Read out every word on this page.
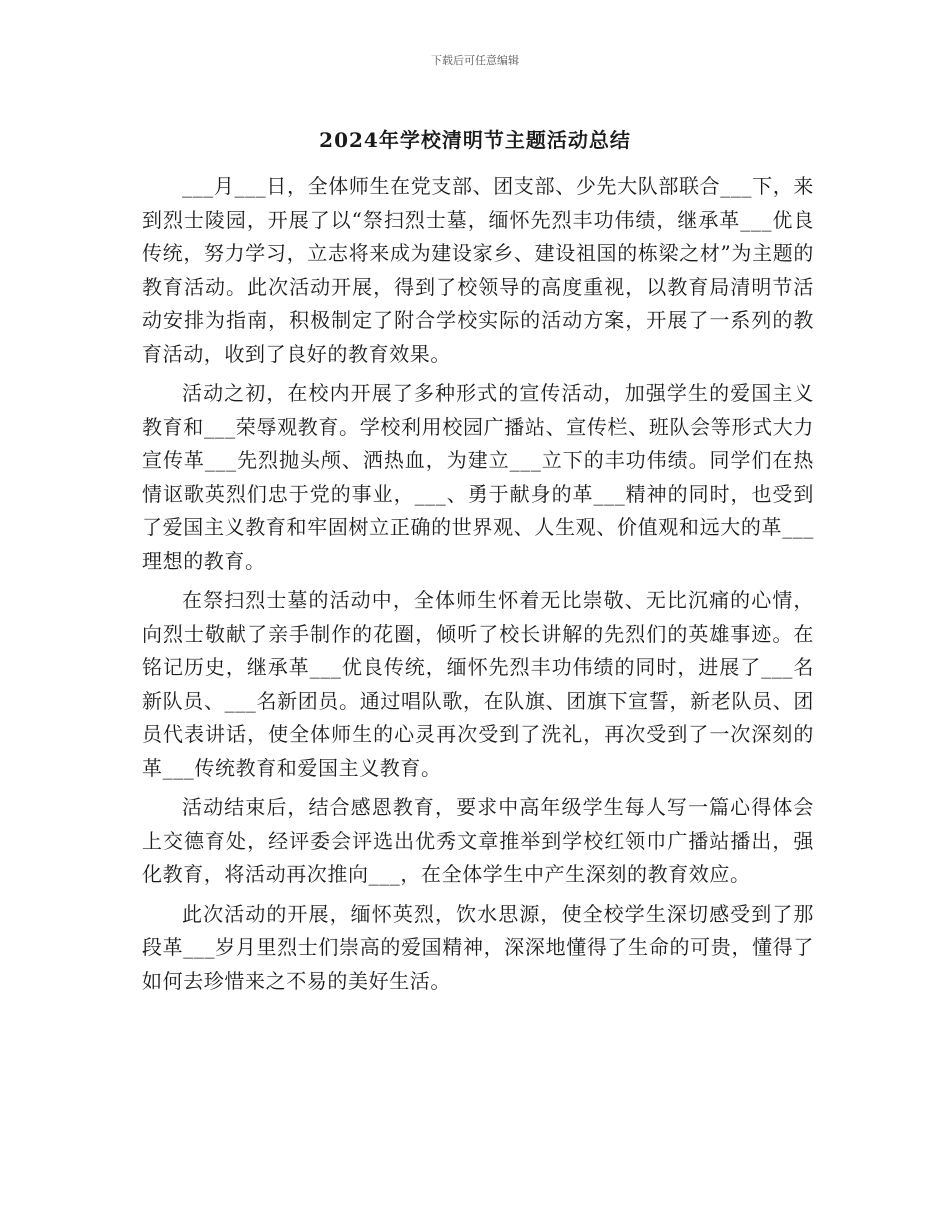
下载后可任意编辑
2024年学校清明节主题活动总结

___月___日，全体师生在党支部、团支部、少先大队部联合___下，来到烈士陵园，开展了以“祭扫烈士墓，缅怀先烈丰功伟绩，继承革___优良传统，努力学习，立志将来成为建设家乡、建设祖国的栋梁之材”为主题的教育活动。此次活动开展，得到了校领导的高度重视，以教育局清明节活动安排为指南，积极制定了附合学校实际的活动方案，开展了一系列的教育活动，收到了良好的教育效果。

活动之初，在校内开展了多种形式的宣传活动，加强学生的爱国主义教育和___荣辱观教育。学校利用校园广播站、宣传栏、班队会等形式大力宣传革___先烈抛头颅、洒热血，为建立___立下的丰功伟绩。同学们在热情讴歌英烈们忠于党的事业，___、勇于献身的革___精神的同时，也受到了爱国主义教育和牢固树立正确的世界观、人生观、价值观和远大的革___理想的教育。

在祭扫烈士墓的活动中，全体师生怀着无比崇敬、无比沉痛的心情，向烈士敬献了亲手制作的花圈，倾听了校长讲解的先烈们的英雄事迹。在铭记历史，继承革___优良传统，缅怀先烈丰功伟绩的同时，进展了___名新队员、___名新团员。通过唱队歌，在队旗、团旗下宣誓，新老队员、团员代表讲话，使全体师生的心灵再次受到了洗礼，再次受到了一次深刻的革___传统教育和爱国主义教育。

活动结束后，结合感恩教育，要求中高年级学生每人写一篇心得体会上交德育处，经评委会评选出优秀文章推举到学校红领巾广播站播出，强化教育，将活动再次推向___，在全体学生中产生深刻的教育效应。

此次活动的开展，缅怀英烈，饮水思源，使全校学生深切感受到了那段革___岁月里烈士们崇高的爱国精神，深深地懂得了生命的可贵，懂得了如何去珍惜来之不易的美好生活。
